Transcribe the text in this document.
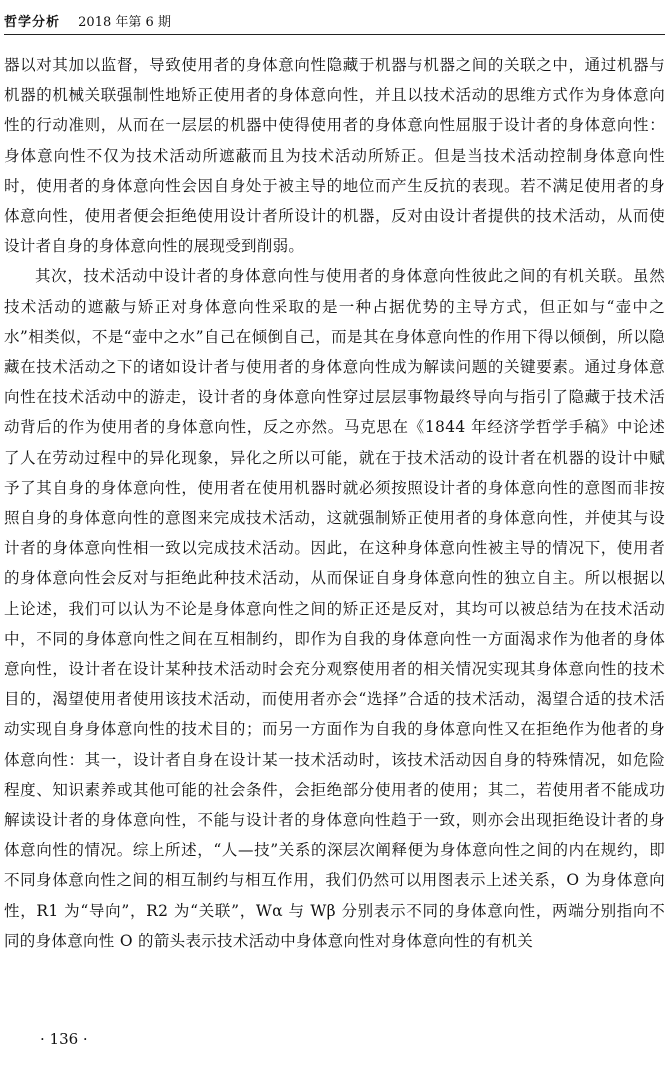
哲学分析 2018 年第 6 期

器以对其加以监督，导致使用者的身体意向性隐藏于机器与机器之间的关联之中，通过机器与机器的机械关联强制性地矫正使用者的身体意向性，并且以技术活动的思维方式作为身体意向性的行动准则，从而在一层层的机器中使得使用者的身体意向性屈服于设计者的身体意向性：身体意向性不仅为技术活动所遮蔽而且为技术活动所矫正。但是当技术活动控制身体意向性时，使用者的身体意向性会因自身处于被主导的地位而产生反抗的表现。若不满足使用者的身体意向性，使用者便会拒绝使用设计者所设计的机器，反对由设计者提供的技术活动，从而使设计者自身的身体意向性的展现受到削弱。

其次，技术活动中设计者的身体意向性与使用者的身体意向性彼此之间的有机关联。虽然技术活动的遮蔽与矫正对身体意向性采取的是一种占据优势的主导方式，但正如与“壶中之水”相类似，不是“壶中之水”自己在倾倒自己，而是其在身体意向性的作用下得以倾倒，所以隐藏在技术活动之下的诸如设计者与使用者的身体意向性成为解读问题的关键要素。通过身体意向性在技术活动中的游走，设计者的身体意向性穿过层层事物最终导向与指引了隐藏于技术活动背后的作为使用者的身体意向性，反之亦然。马克思在《1844 年经济学哲学手稿》中论述了人在劳动过程中的异化现象，异化之所以可能，就在于技术活动的设计者在机器的设计中赋予了其自身的身体意向性，使用者在使用机器时就必须按照设计者的身体意向性的意图而非按照自身的身体意向性的意图来完成技术活动，这就强制矫正使用者的身体意向性，并使其与设计者的身体意向性相一致以完成技术活动。因此，在这种身体意向性被主导的情况下，使用者的身体意向性会反对与拒绝此种技术活动，从而保证自身身体意向性的独立自主。所以根据以上论述，我们可以认为不论是身体意向性之间的矫正还是反对，其均可以被总结为在技术活动中，不同的身体意向性之间在互相制约，即作为自我的身体意向性一方面渴求作为他者的身体意向性，设计者在设计某种技术活动时会充分观察使用者的相关情况实现其身体意向性的技术目的，渴望使用者使用该技术活动，而使用者亦会“选择”合适的技术活动，渴望合适的技术活动实现自身身体意向性的技术目的；而另一方面作为自我的身体意向性又在拒绝作为他者的身体意向性：其一，设计者自身在设计某一技术活动时，该技术活动因自身的特殊情况，如危险程度、知识素养或其他可能的社会条件，会拒绝部分使用者的使用；其二，若使用者不能成功解读设计者的身体意向性，不能与设计者的身体意向性趋于一致，则亦会出现拒绝设计者的身体意向性的情况。综上所述，“人—技”关系的深层次阐释便为身体意向性之间的内在规约，即不同身体意向性之间的相互制约与相互作用，我们仍然可以用图表示上述关系，O 为身体意向性，R1 为“导向”，R2 为“关联”，Wα 与 Wβ 分别表示不同的身体意向性，两端分别指向不同的身体意向性 O 的箭头表示技术活动中身体意向性对身体意向性的有机关

· 136 ·
